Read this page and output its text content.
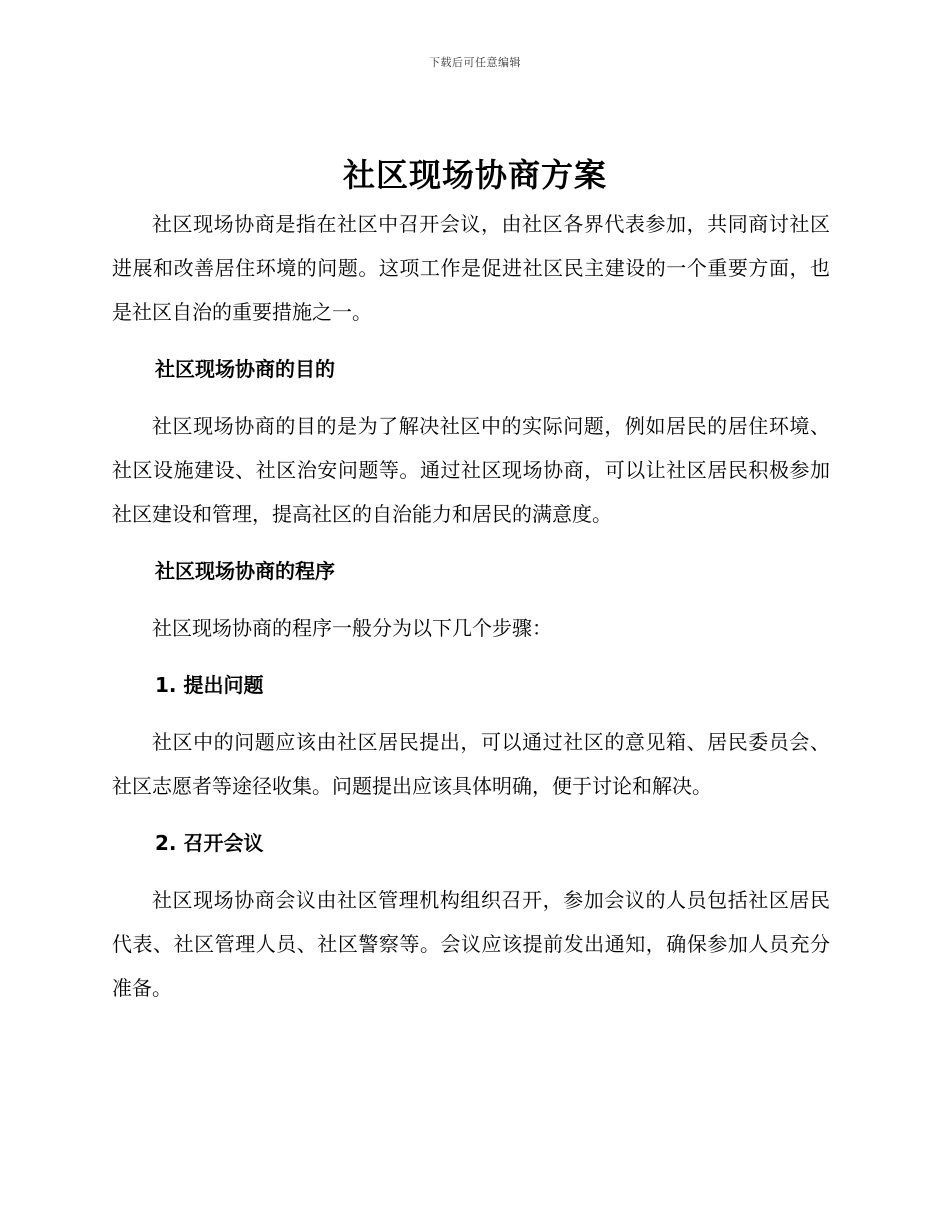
下载后可任意编辑
社区现场协商方案

社区现场协商是指在社区中召开会议，由社区各界代表参加，共同商讨社区进展和改善居住环境的问题。这项工作是促进社区民主建设的一个重要方面，也是社区自治的重要措施之一。

社区现场协商的目的

社区现场协商的目的是为了解决社区中的实际问题，例如居民的居住环境、社区设施建设、社区治安问题等。通过社区现场协商，可以让社区居民积极参加社区建设和管理，提高社区的自治能力和居民的满意度。

社区现场协商的程序

社区现场协商的程序一般分为以下几个步骤：

1. 提出问题

社区中的问题应该由社区居民提出，可以通过社区的意见箱、居民委员会、社区志愿者等途径收集。问题提出应该具体明确，便于讨论和解决。

2. 召开会议

社区现场协商会议由社区管理机构组织召开，参加会议的人员包括社区居民代表、社区管理人员、社区警察等。会议应该提前发出通知，确保参加人员充分准备。
